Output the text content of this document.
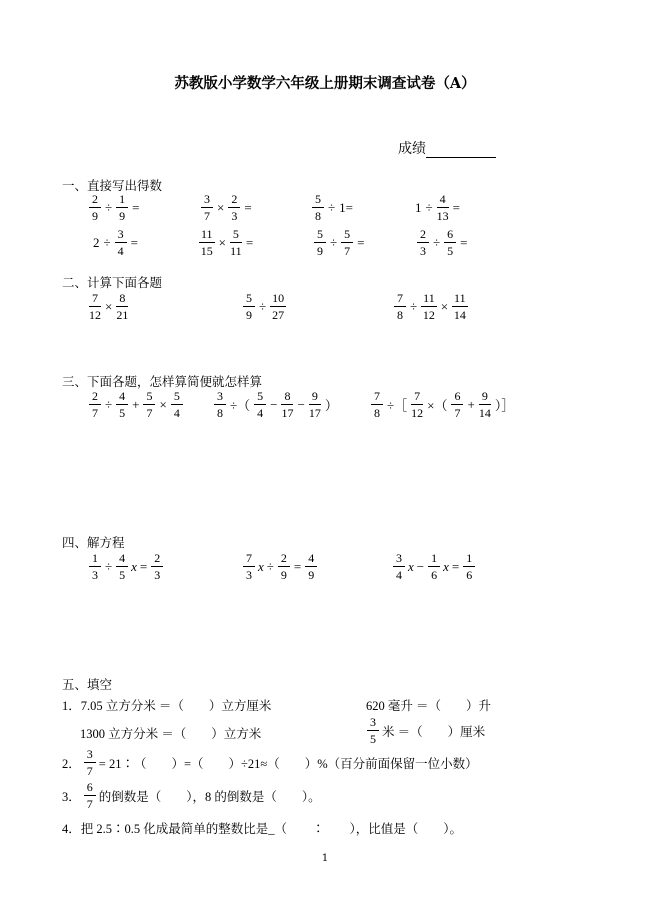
苏教版小学数学六年级上册期末调查试卷（A）
成绩
一、直接写出得数
$\frac{2}{9} \div \frac{1}{9}$ =	$\frac{3}{7} \times \frac{2}{3}$ =	$\frac{5}{8} \div 1=$	$1 \div \frac{4}{13}$ =
$2 \div \frac{3}{4}$ =	$\frac{11}{15} \times \frac{5}{11}$ =	$\frac{5}{9} \div \frac{5}{7}$ =	$\frac{2}{3} \div \frac{6}{5}$ =
二、计算下面各题
$\frac{7}{12} \times \frac{8}{21}$	$\frac{5}{9} \div \frac{10}{27}$	$\frac{7}{8} \div \frac{11}{12} \times \frac{11}{14}$
三、下面各题，怎样算简便就怎样算
$\frac{2}{7} \div \frac{4}{5} + \frac{5}{7} \times \frac{5}{4}$	$\frac{3}{8}$ ÷（ $\frac{5}{4} - \frac{8}{17} - \frac{9}{17}$ ）	$\frac{7}{8}$ ÷［ $\frac{7}{12}$ ×（ $\frac{6}{7} + \frac{9}{14}$ ）］
四、解方程
$\frac{1}{3} \div \frac{4}{5}$ $x = \frac{2}{3}$	$\frac{7}{3}$ $x \div \frac{2}{9} = \frac{4}{9}$	$\frac{3}{4}$ $x - \frac{1}{6}$ $x = \frac{1}{6}$
五、填空
1．7.05 立方分米 ＝（　　）立方厘米	620 毫升 ＝（　　）升
1300 立方分米 ＝（　　）立方米	$\frac{3}{5}$ 米 ＝（　　）厘米
2． $\frac{3}{7}$ = 21∶（　　）=（　　）÷21≈（　　）%（百分前面保留一位小数）
3． $\frac{6}{7}$ 的倒数是（　　），8 的倒数是（　　）。
4．把 2.5∶0.5 化成最简单的整数比是_（　　∶　　），比值是（　　）。
1
